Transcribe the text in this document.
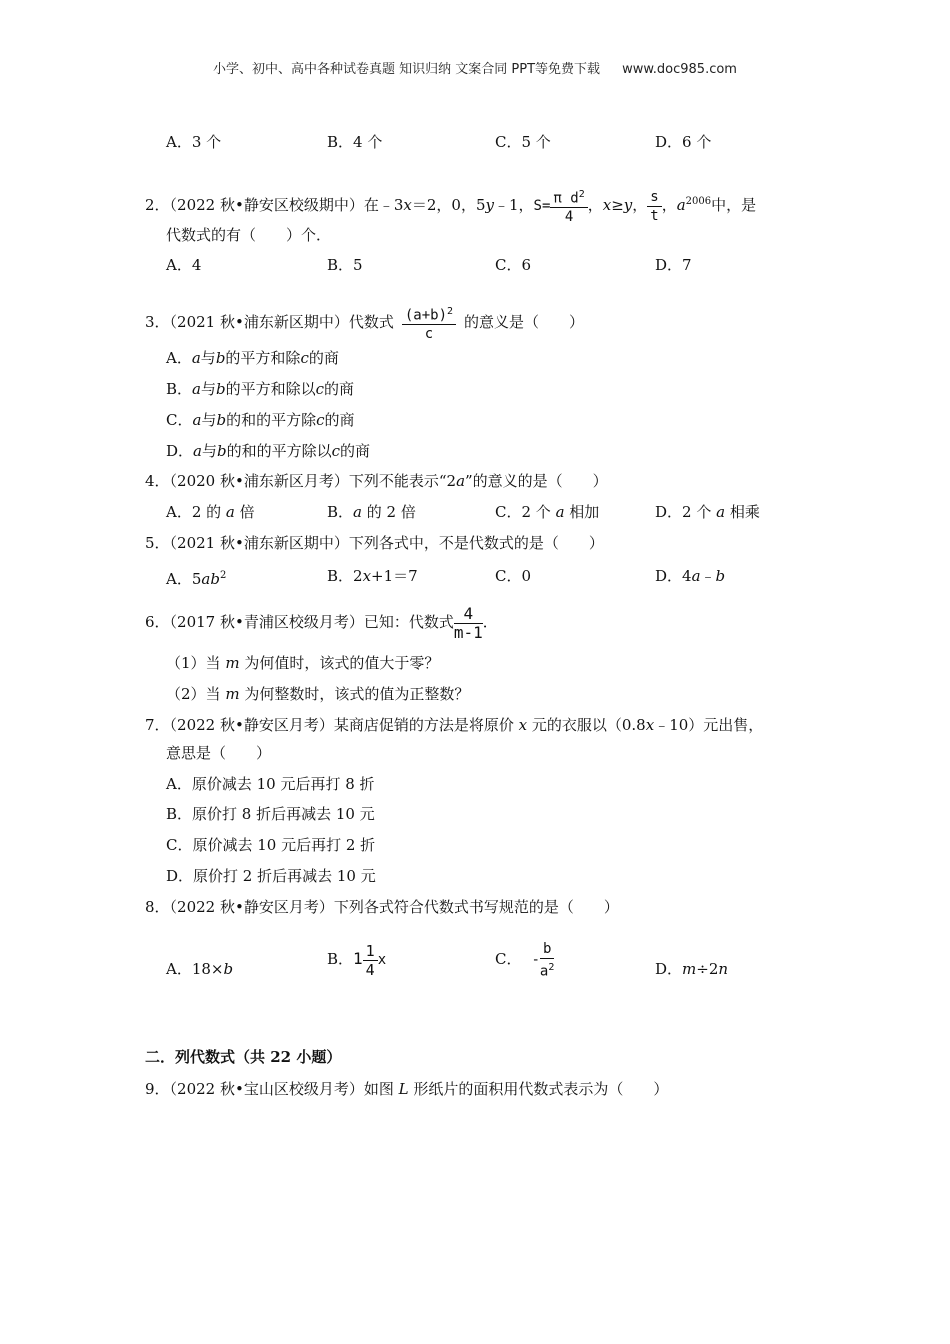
小学、初中、高中各种试卷真题 知识归纳 文案合同 PPT等免费下载 www.doc985.com
A．3 个	B．4 个	C．5 个	D．6 个
2．（2022 秋•静安区校级期中）在﹣3x＝2，0，5y﹣1，$S= \frac{\pi d^2}{4}$ ，x≥y， $\frac{s}{t}$ ，$a^{2006}$中，是
代数式的有（　　）个．
A．4	B．5	C．6	D．7
3．（2021 秋•浦东新区期中）代数式 $\frac{(a+b)^2}{c}$ 的意义是（　　）
A．a与b的平方和除c的商
B．a与b的平方和除以c的商
C．a与b的和的平方除c的商
D．a与b的和的平方除以c的商
4．（2020 秋•浦东新区月考）下列不能表示“2a”的意义的是（　　）
A．2 的 a 倍	B．a 的 2 倍	C．2 个 a 相加	D．2 个 a 相乘
5．（2021 秋•浦东新区期中）下列各式中，不是代数式的是（　　）
A．$5ab^2$	B．2x+1＝7	C．0	D．4a﹣b
6．（2017 秋•青浦区校级月考）已知：代数式 $\frac{4}{m-1}$ ．
（1）当 m 为何值时，该式的值大于零？
（2）当 m 为何整数时，该式的值为正整数？
7．（2022 秋•静安区月考）某商店促销的方法是将原价 x 元的衣服以（0.8x﹣10）元出售，
意思是（　　）
A．原价减去 10 元后再打 8 折
B．原价打 8 折后再减去 10 元
C．原价减去 10 元后再打 2 折
D．原价打 2 折后再减去 10 元
8．（2022 秋•静安区月考）下列各式符合代数式书写规范的是（　　）
A．18×b
B．$1 \frac{1}{4}$ x	C． - $\frac{b}{a^2}$	D．m÷2n
二．列代数式（共 22 小题）
9．（2022 秋•宝山区校级月考）如图 L 形纸片的面积用代数式表示为（　　）
